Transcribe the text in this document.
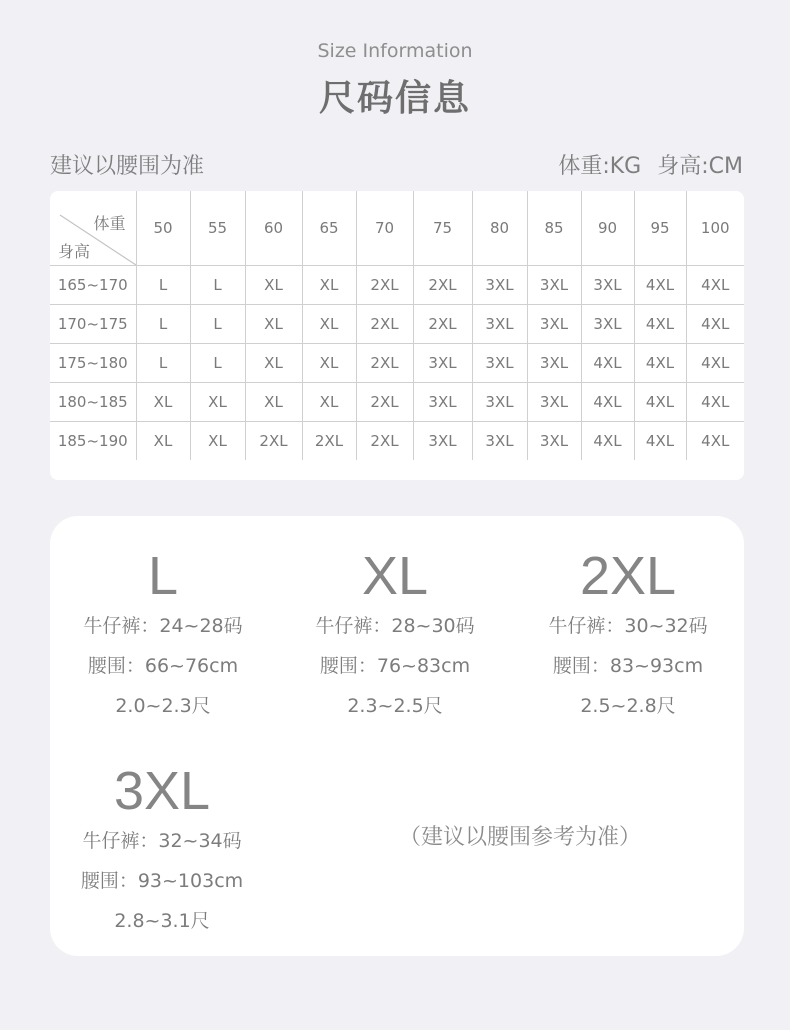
Size Information
尺码信息
建议以腰围为准	体重:KG 身高:CM
体重
身高	50	55	60	65	70	75	80	85	90	95	100
165~170	L	L	XL	XL	2XL	2XL	3XL	3XL	3XL	4XL	4XL
170~175	L	L	XL	XL	2XL	2XL	3XL	3XL	3XL	4XL	4XL
175~180	L	L	XL	XL	2XL	3XL	3XL	3XL	4XL	4XL	4XL
180~185	XL	XL	XL	XL	2XL	3XL	3XL	3XL	4XL	4XL	4XL
185~190	XL	XL	2XL	2XL	2XL	3XL	3XL	3XL	4XL	4XL	4XL
L
牛仔裤：24~28码
腰围：66~76cm
2.0~2.3尺
XL
牛仔裤：28~30码
腰围：76~83cm
2.3~2.5尺
2XL
牛仔裤：30~32码
腰围：83~93cm
2.5~2.8尺
3XL
牛仔裤：32~34码
腰围：93~103cm
2.8~3.1尺
（建议以腰围参考为准）
